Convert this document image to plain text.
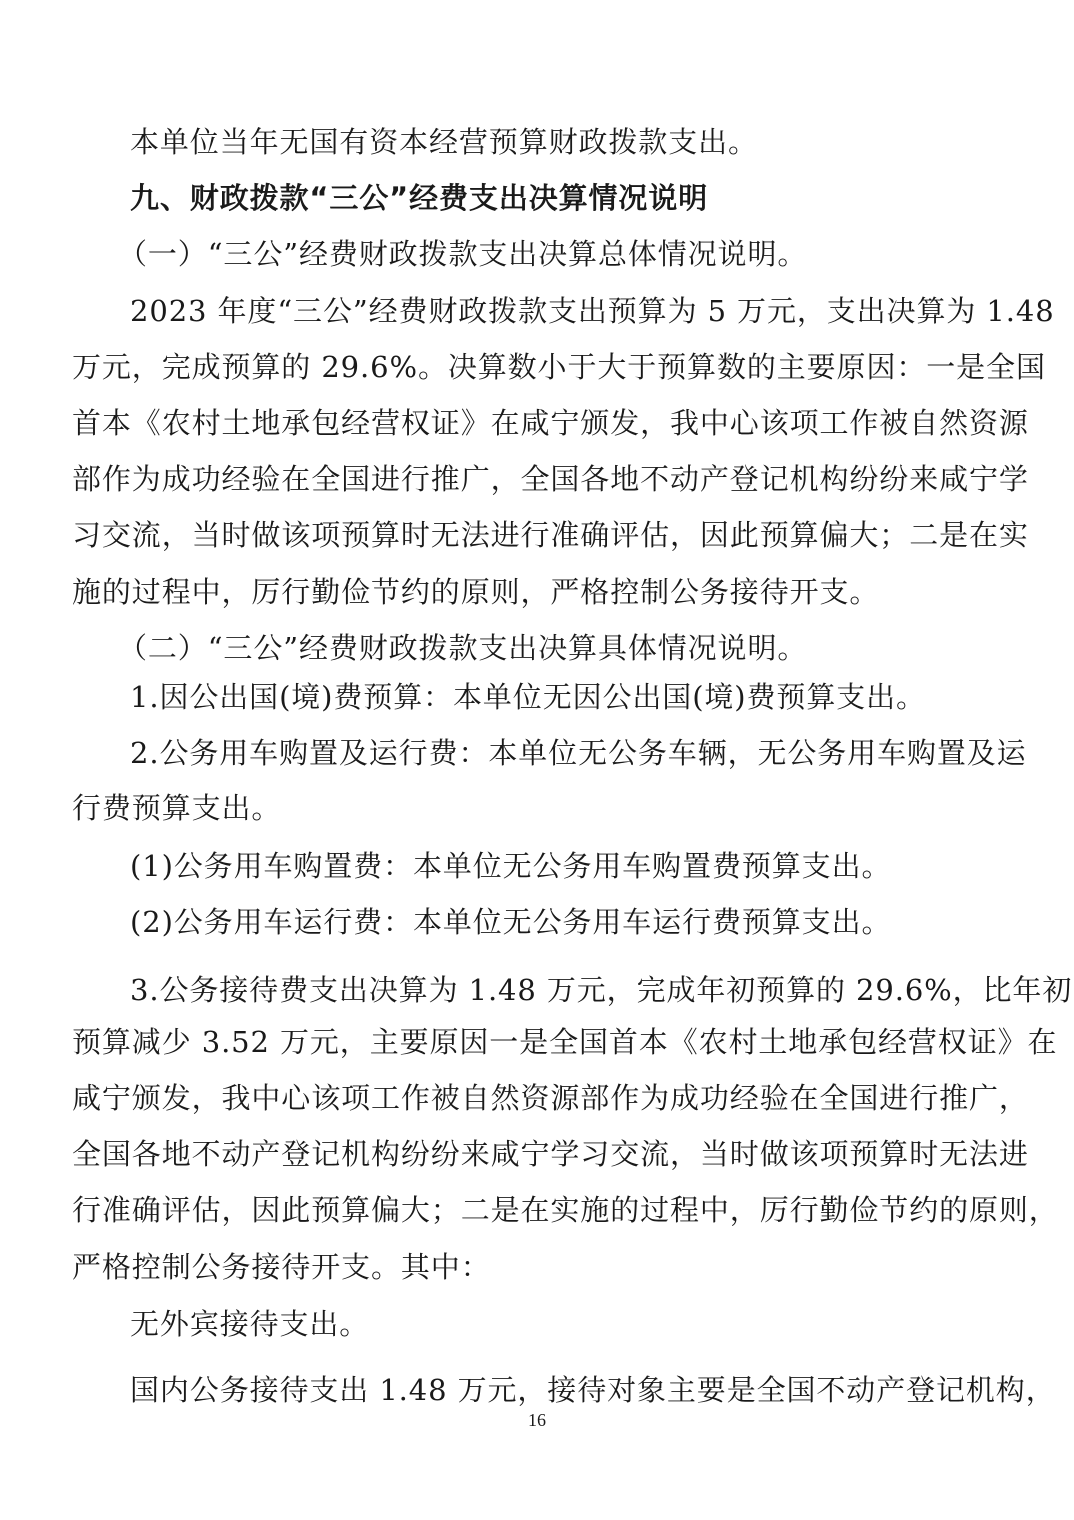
本单位当年无国有资本经营预算财政拨款支出。
九、财政拨款“三公”经费支出决算情况说明
（一）“三公”经费财政拨款支出决算总体情况说明。
2023 年度“三公”经费财政拨款支出预算为 5 万元，支出决算为 1.48
万元，完成预算的 29.6%。决算数小于大于预算数的主要原因：一是全国
首本《农村土地承包经营权证》在咸宁颁发，我中心该项工作被自然资源
部作为成功经验在全国进行推广，全国各地不动产登记机构纷纷来咸宁学
习交流，当时做该项预算时无法进行准确评估，因此预算偏大；二是在实
施的过程中，厉行勤俭节约的原则，严格控制公务接待开支。
（二）“三公”经费财政拨款支出决算具体情况说明。
1.因公出国(境)费预算：本单位无因公出国(境)费预算支出。
2.公务用车购置及运行费：本单位无公务车辆，无公务用车购置及运
行费预算支出。
(1)公务用车购置费：本单位无公务用车购置费预算支出。
(2)公务用车运行费：本单位无公务用车运行费预算支出。
3.公务接待费支出决算为 1.48 万元，完成年初预算的 29.6%，比年初
预算减少 3.52 万元，主要原因一是全国首本《农村土地承包经营权证》在
咸宁颁发，我中心该项工作被自然资源部作为成功经验在全国进行推广，
全国各地不动产登记机构纷纷来咸宁学习交流，当时做该项预算时无法进
行准确评估，因此预算偏大；二是在实施的过程中，厉行勤俭节约的原则，
严格控制公务接待开支。其中：
无外宾接待支出。
国内公务接待支出 1.48 万元，接待对象主要是全国不动产登记机构，
16
